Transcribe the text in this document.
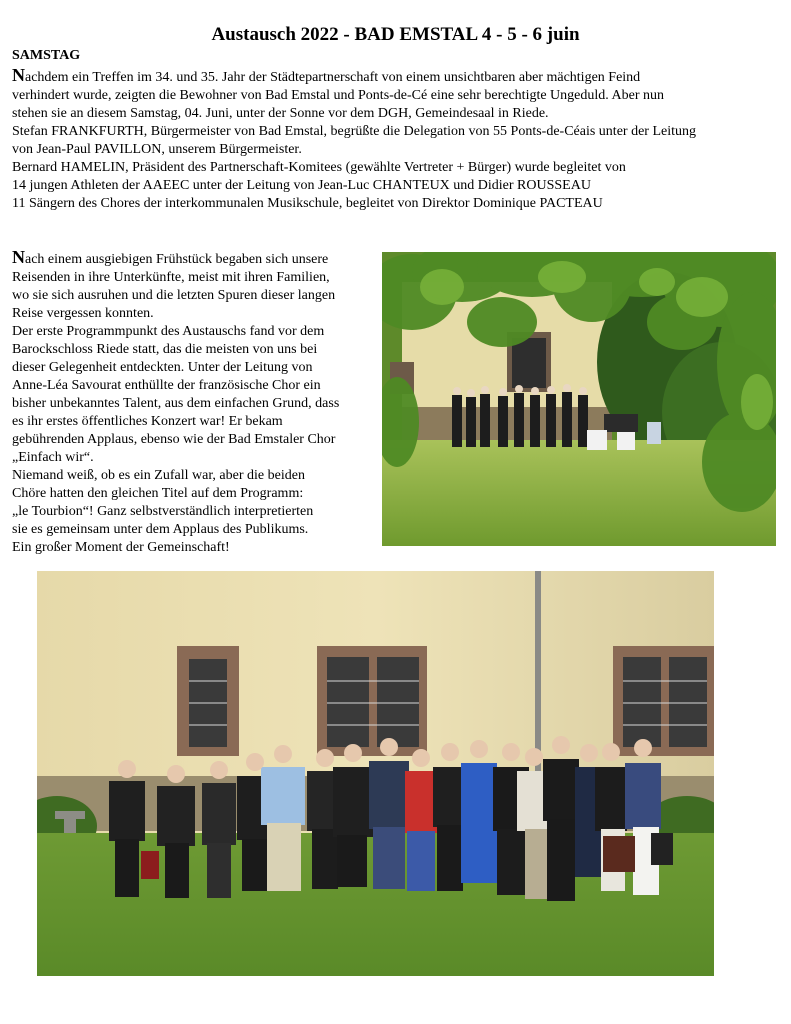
Austausch 2022 - BAD EMSTAL 4 - 5 - 6 juin
SAMSTAG

Nachdem ein Treffen im 34. und 35. Jahr der Städtepartnerschaft von einem unsichtbaren aber mächtigen Feind

verhindert wurde, zeigten die Bewohner von Bad Emstal und Ponts-de-Cé eine sehr berechtigte Ungeduld. Aber nun

stehen sie an diesem Samstag, 04. Juni, unter der Sonne vor dem DGH, Gemeindesaal in Riede.

Stefan FRANKFURTH, Bürgermeister von Bad Emstal, begrüßte die Delegation von 55 Ponts-de-Céais unter der Leitung

von Jean-Paul PAVILLON, unserem Bürgermeister.

Bernard HAMELIN, Präsident des Partnerschaft-Komitees (gewählte Vertreter + Bürger) wurde begleitet von

14 jungen Athleten der AAEEC unter der Leitung von Jean-Luc CHANTEUX und Didier ROUSSEAU

11 Sängern des Chores der interkommunalen Musikschule, begleitet von Direktor Dominique PACTEAU

Nach einem ausgiebigen Frühstück begaben sich unsere

Reisenden in ihre Unterkünfte, meist mit ihren Familien,

wo sie sich ausruhen und die letzten Spuren dieser langen

Reise vergessen konnten.

Der erste Programmpunkt des Austauschs fand vor dem

Barockschloss Riede statt, das die meisten von uns bei

dieser Gelegenheit entdeckten. Unter der Leitung von

Anne-Léa Savourat enthüllte der französische Chor ein

bisher unbekanntes Talent, aus dem einfachen Grund, dass

es ihr erstes öffentliches Konzert war! Er bekam

gebührenden Applaus, ebenso wie der Bad Emstaler Chor

„Einfach wir“.

Niemand weiß, ob es ein Zufall war, aber die beiden

Chöre hatten den gleichen Titel auf dem Programm:

„le Tourbion“! Ganz selbstverständlich interpretierten

sie es gemeinsam unter dem Applaus des Publikums.

Ein großer Moment der Gemeinschaft!
